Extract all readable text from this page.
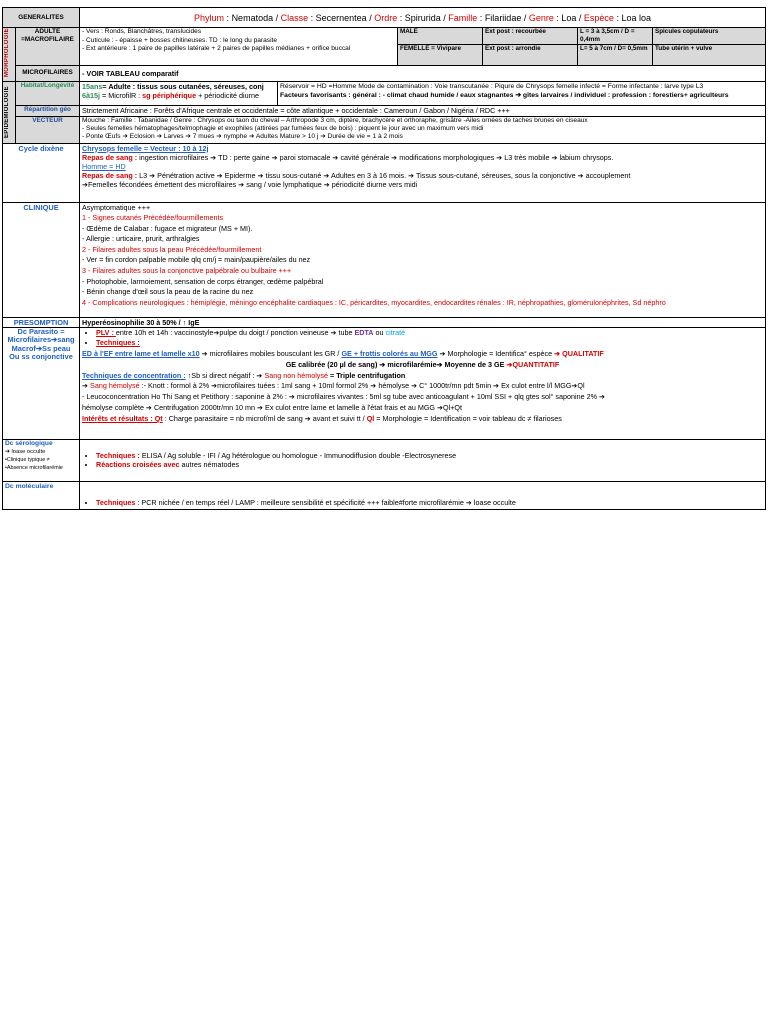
GENERALITES	Phylum : Nematoda / Classe : Secernentea / Ordre : Spirurida / Famille : Filariidae / Genre : Loa / Espèce : Loa loa

MORPHOLOGIE	ADULTE =MACROFILAIRE	
- Vers : Ronds, Blanchâtres, translucides
- Cuticule : - épaisse + bosses chitineuses. TD : le long du parasite
- Ext antérieure : 1 paire de papilles latérale + 2 paires de papilles médianes + orifice buccal

MALE	Ext post : recourbée	L = 3 à 3,5cm / D = 0,4mm	Spicules copulateurs
FEMELLE = Vivipare	Ext post : arrondie	L= 5 à 7cm / D= 0,5mm	Tube utérin + vulve

MICROFILAIRES	- VOIR TABLEAU comparatif

EPIDEMIOLOGIE
	Habitat/Longévité	15ans= Adulte : tissus sous cutanées, séreuses, conj
6à15j = MicrofilR : sg périphérique + périodicité diurne

Réservoir = HD =Homme Mode de contamination : Voie transcutanée : Piqure de Chrysops femelle infecté = Forme infectante : larve type L3
Facteurs favorisants : général : - climat chaud humide / eaux stagnantes ➔ gîtes larvaires / individuel : profession : forestiers+ agriculteurs

Répartition géo	Strictement Africaine : Forêts d'Afrique centrale et occidentale = côte atlantique + occidentale : Cameroun / Gabon / Nigéria / RDC +++
VECTEUR	Mouche : Famille : Tabanidae / Genre : Chrysops ou taon du cheval – Arthropode 3 cm, diptère, brachycère et orthoraphe, grisâtre -Ailes ornées de taches brunes en ciseaux
- Seules femelles hématophages/telmophagie et exophiles (attirées par fumées feux de bois) : piquent le jour avec un maximum vers midi
- Ponte Œufs ➔ Eclosion ➔ Larves ➔ 7 mues ➔ nymphe ➔ Adultes Mature > 10 j ➔ Durée de vie = 1 à 2 mois

Cycle dixène	Chrysops femelle = Vecteur : 10 à 12j
Repas de sang : ingestion microfilaires ➔ TD : perte gaine ➔ paroi stomacale ➔ cavité générale ➔ modifications morphologiques ➔ L3 très mobile ➔ labium chrysops.
Homme = HD
Repas de sang : L3 ➔ Pénétration active ➔ Epiderme ➔ tissu sous-cutané ➔ Adultes en 3 à 16 mois. ➔ Tissus sous-cutané, séreuses, sous la conjonctive ➔ accouplement
➔Femelles fécondées émettent des microfilaires ➔ sang / voie lymphatique ➔ périodicité diurne vers midi

CLINIQUE	Asymptomatique +++
1 - Signes cutanés Précédée/fourmillements
- Œdème de Calabar : fugace et migrateur (MS + MI).
- Allergie : urticaire, prurit, arthralgies
2 - Filaires adultes sous la peau Précédée/fourmillement
- Ver = fin cordon palpable mobile qlq cm/j = main/paupière/ailes du nez
3 - Filaires adultes sous la conjonctive palpébrale ou bulbaire +++
- Photophobie, larmoiement, sensation de corps étranger, œdème palpébral
- Bénin change d'œil sous la peau de la racine du nez
4 - Complications neurologiques : hémiplégie, méningo encéphalite cardiaques : IC, péricardites, myocardites, endocardites rénales : IR, néphropathies, glomérulonéphrites, Sd néphro

PRESOMPTION	Hyperéosinophilie 30 à 50% / ↑ IgE

Dc Parasito =
Microfilaires➔sang
Macrof➔Ss peau
Ou ss conjonctive

• PLV : entre 10h et 14h : vaccinostyle➔pulpe du doigt / ponction veineuse ➔ tube EDTA ou citraté
• Techniques :
ED à l'EF entre lame et lamelle x10 ➔ microfilaires mobiles bousculant les GR / GE + frottis colorés au MGG ➔ Morphologie = Identifica° espèce ➔ QUALITATIF
GE calibrée (20 µl de sang) ➔ microfilarémie➔ Moyenne de 3 GE ➔QUANTITATIF
Techniques de concentration : ↑Sb si direct négatif : ➔ Sang non hémolysé = Triple centrifugation
➔ Sang hémolysé :- Knott : formol à 2% ➔microfilaires tuées : 1ml sang + 10ml formol 2% ➔ hémolyse ➔ C° 1000tr/mn pdt 5min ➔ Ex culot entre l/l MGG➔Ql
- Leucoconcentration Ho Thi Sang et Petithory : saponine à 2% : ➔ microfilaires vivantes : 5ml sg tube avec anticoagulant + 10ml SSI + qlq gtes sol° saponine 2% ➔
hémolyse complète ➔ Centrifugation 2000tr/mn 10 mn ➔ Ex culot entre lame et lamelle à l'état frais et au MGG ➔Ql+Qt
Intérêts et résultats : Qt : Charge parasitaire = nb microf/ml de sang ➔ avant et suivi tt / Ql = Morphologie = Identification = voir tableau dc ≠ filarioses

Dc sérologique
➔ loase occulte
•Clinique typique ≠
•Absence microfilarémie

• Techniques : ELISA / Ag soluble - IFI / Ag hétérologue ou homologue - Immunodiffusion double -Electrosynerese
• Réactions croisées avec autres nématodes

Dc moléculaire	
• Techniques : PCR nichée / en temps réel / LAMP : meilleure sensibilité et spécificité +++ faible#forte microfilarémie ➔ loase occulte
